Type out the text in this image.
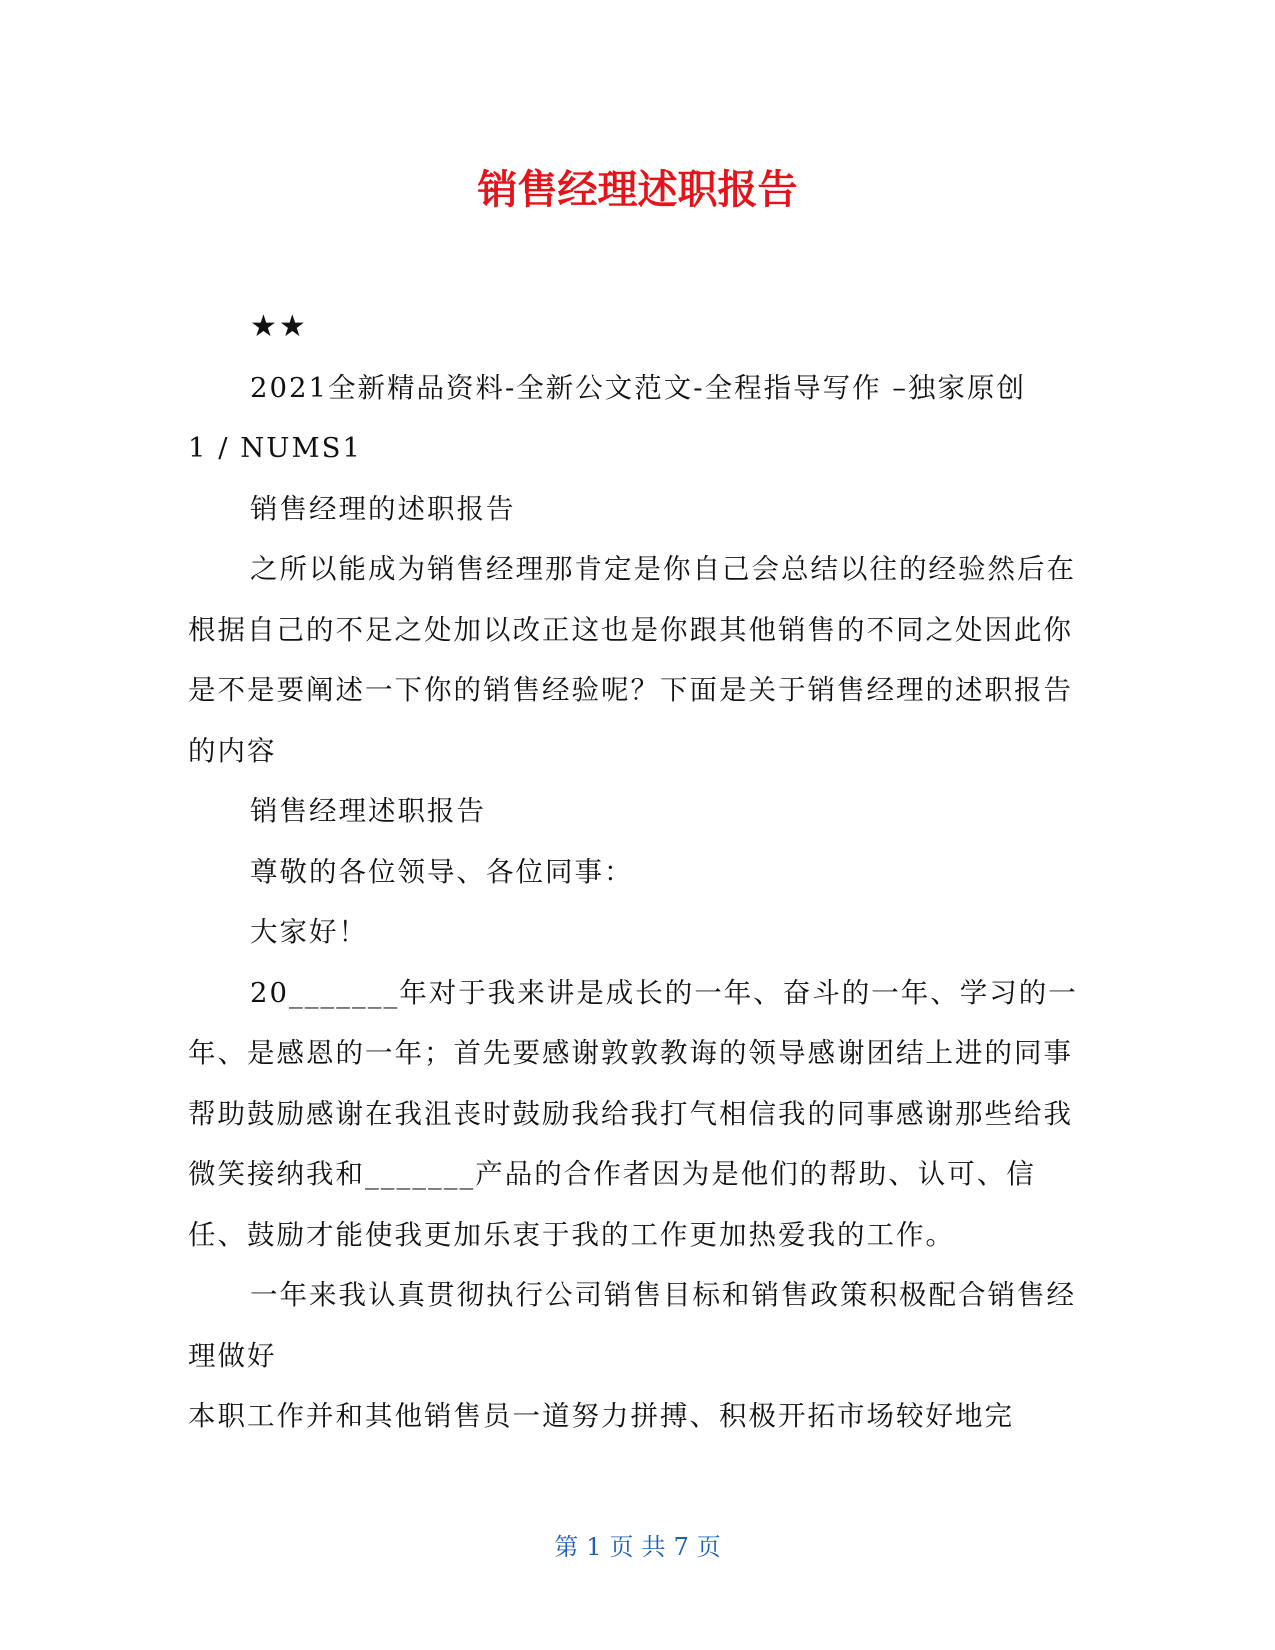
销售经理述职报告

★★

2021全新精品资料-全新公文范文-全程指导写作 –独家原创

1 / NUMS1

销售经理的述职报告

之所以能成为销售经理那肯定是你自己会总结以往的经验然后在根据自己的不足之处加以改正这也是你跟其他销售的不同之处因此你是不是要阐述一下你的销售经验呢？下面是关于销售经理的述职报告的内容

销售经理述职报告

尊敬的各位领导、各位同事：

大家好！

20_______年对于我来讲是成长的一年、奋斗的一年、学习的一年、是感恩的一年；首先要感谢敦敦教诲的领导感谢团结上进的同事帮助鼓励感谢在我沮丧时鼓励我给我打气相信我的同事感谢那些给我微笑接纳我和_______产品的合作者因为是他们的帮助、认可、信任、鼓励才能使我更加乐衷于我的工作更加热爱我的工作。

一年来我认真贯彻执行公司销售目标和销售政策积极配合销售经理做好

本职工作并和其他销售员一道努力拼搏、积极开拓市场较好地完

第 1 页 共 7 页
